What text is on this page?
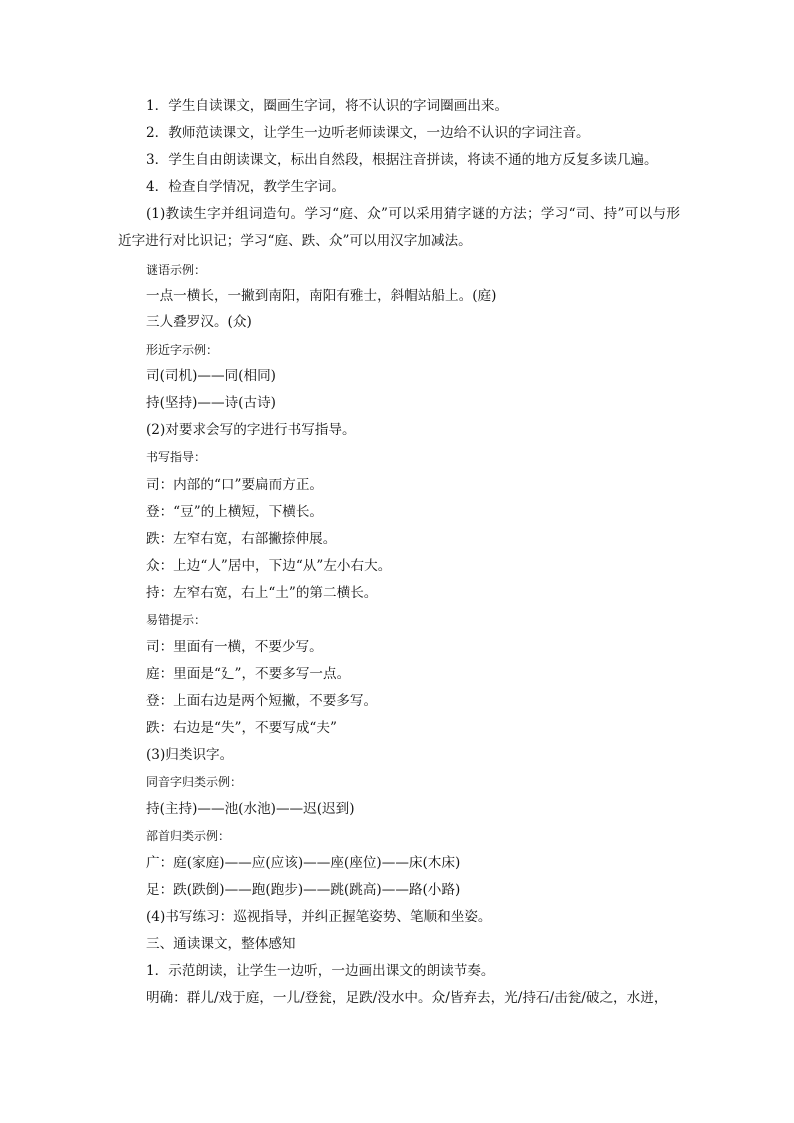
1．学生自读课文，圈画生字词，将不认识的字词圈画出来。
2．教师范读课文，让学生一边听老师读课文，一边给不认识的字词注音。
3．学生自由朗读课文，标出自然段，根据注音拼读，将读不通的地方反复多读几遍。
4．检查自学情况，教学生字词。
(1)教读生字并组词造句。学习“庭、众”可以采用猜字谜的方法；学习“司、持”可以与形近字进行对比识记；学习“庭、跌、众”可以用汉字加减法。
谜语示例：
一点一横长，一撇到南阳，南阳有雅士，斜帽站船上。(庭)
三人叠罗汉。(众)
形近字示例：
司(司机)——同(相同)
持(坚持)——诗(古诗)
(2)对要求会写的字进行书写指导。
书写指导：
司：内部的“口”要扁而方正。
登：“豆”的上横短，下横长。
跌：左窄右宽，右部撇捺伸展。
众：上边“人”居中，下边“从”左小右大。
持：左窄右宽，右上“土”的第二横长。
易错提示：
司：里面有一横，不要少写。
庭：里面是“廴”，不要多写一点。
登：上面右边是两个短撇，不要多写。
跌：右边是“失”，不要写成“夫”
(3)归类识字。
同音字归类示例：
持(主持)——池(水池)——迟(迟到)
部首归类示例：
广：庭(家庭)——应(应该)——座(座位)——床(木床)
足：跌(跌倒)——跑(跑步)——跳(跳高)——路(小路)
(4)书写练习：巡视指导，并纠正握笔姿势、笔顺和坐姿。
三、通读课文，整体感知
1．示范朗读，让学生一边听，一边画出课文的朗读节奏。
明确：群儿/戏于庭，一儿/登瓮，足跌/没水中。众/皆弃去，光/持石/击瓮/破之，水迸，
